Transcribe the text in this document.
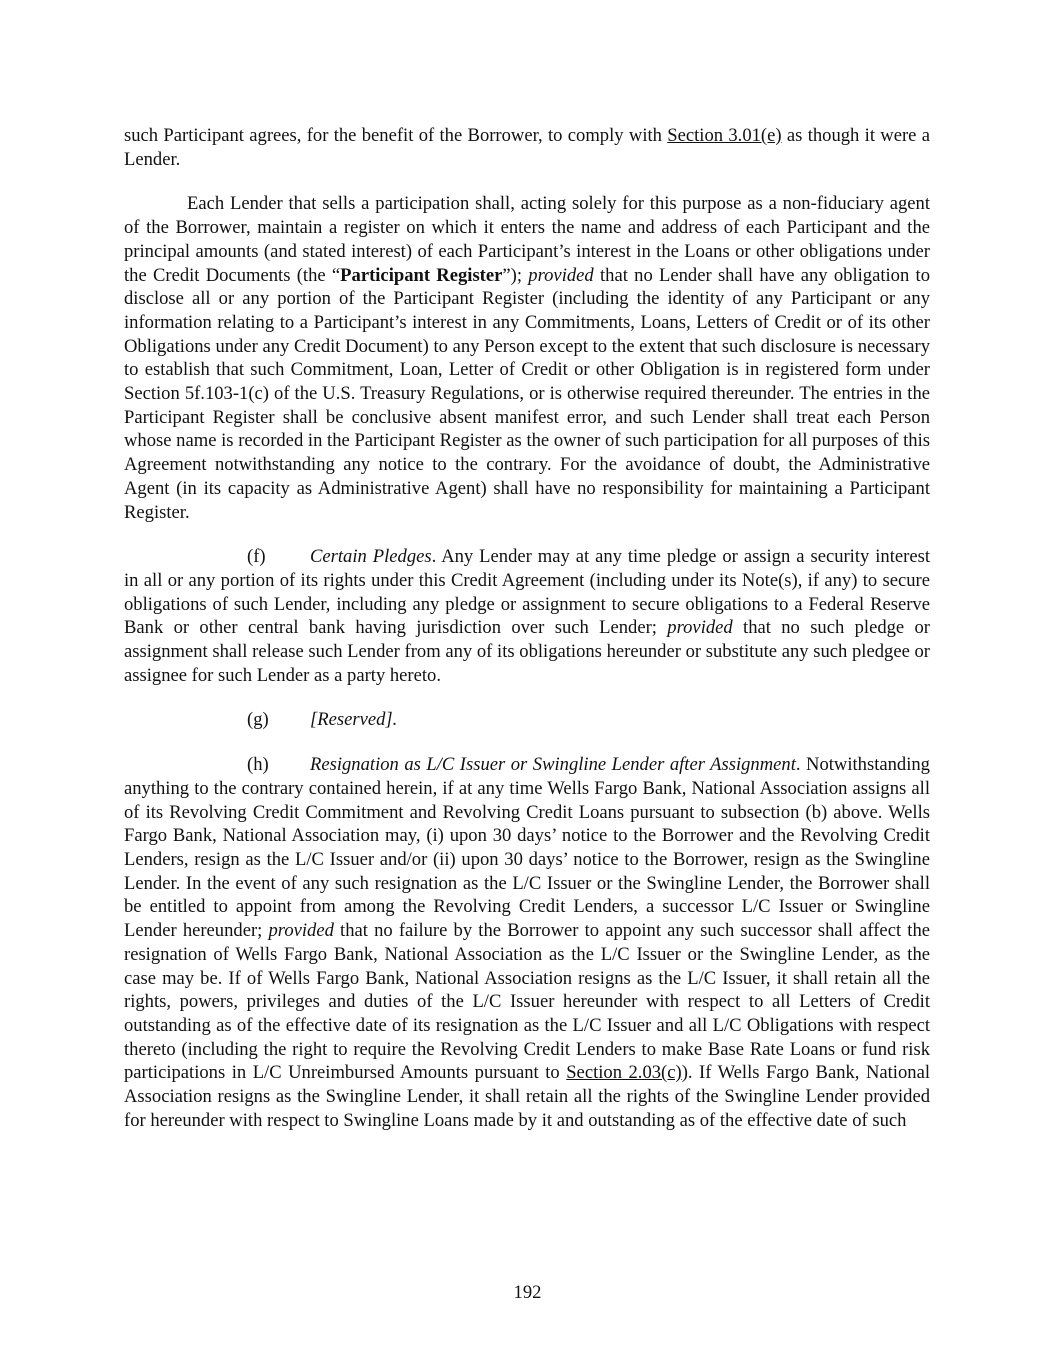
such Participant agrees, for the benefit of the Borrower, to comply with Section 3.01(e) as though it were a Lender.

Each Lender that sells a participation shall, acting solely for this purpose as a non-fiduciary agent of the Borrower, maintain a register on which it enters the name and address of each Participant and the principal amounts (and stated interest) of each Participant’s interest in the Loans or other obligations under the Credit Documents (the “Participant Register”); provided that no Lender shall have any obligation to disclose all or any portion of the Participant Register (including the identity of any Participant or any information relating to a Participant’s interest in any Commitments, Loans, Letters of Credit or of its other Obligations under any Credit Document) to any Person except to the extent that such disclosure is necessary to establish that such Commitment, Loan, Letter of Credit or other Obligation is in registered form under Section 5f.103-1(c) of the U.S. Treasury Regulations, or is otherwise required thereunder. The entries in the Participant Register shall be conclusive absent manifest error, and such Lender shall treat each Person whose name is recorded in the Participant Register as the owner of such participation for all purposes of this Agreement notwithstanding any notice to the contrary. For the avoidance of doubt, the Administrative Agent (in its capacity as Administrative Agent) shall have no responsibility for maintaining a Participant Register.

(f) Certain Pledges. Any Lender may at any time pledge or assign a security interest in all or any portion of its rights under this Credit Agreement (including under its Note(s), if any) to secure obligations of such Lender, including any pledge or assignment to secure obligations to a Federal Reserve Bank or other central bank having jurisdiction over such Lender; provided that no such pledge or assignment shall release such Lender from any of its obligations hereunder or substitute any such pledgee or assignee for such Lender as a party hereto.

(g) [Reserved].

(h) Resignation as L/C Issuer or Swingline Lender after Assignment. Notwithstanding anything to the contrary contained herein, if at any time Wells Fargo Bank, National Association assigns all of its Revolving Credit Commitment and Revolving Credit Loans pursuant to subsection (b) above. Wells Fargo Bank, National Association may, (i) upon 30 days’ notice to the Borrower and the Revolving Credit Lenders, resign as the L/C Issuer and/or (ii) upon 30 days’ notice to the Borrower, resign as the Swingline Lender. In the event of any such resignation as the L/C Issuer or the Swingline Lender, the Borrower shall be entitled to appoint from among the Revolving Credit Lenders, a successor L/C Issuer or Swingline Lender hereunder; provided that no failure by the Borrower to appoint any such successor shall affect the resignation of Wells Fargo Bank, National Association as the L/C Issuer or the Swingline Lender, as the case may be. If of Wells Fargo Bank, National Association resigns as the L/C Issuer, it shall retain all the rights, powers, privileges and duties of the L/C Issuer hereunder with respect to all Letters of Credit outstanding as of the effective date of its resignation as the L/C Issuer and all L/C Obligations with respect thereto (including the right to require the Revolving Credit Lenders to make Base Rate Loans or fund risk participations in L/C Unreimbursed Amounts pursuant to Section 2.03(c)). If Wells Fargo Bank, National Association resigns as the Swingline Lender, it shall retain all the rights of the Swingline Lender provided for hereunder with respect to Swingline Loans made by it and outstanding as of the effective date of such

192
